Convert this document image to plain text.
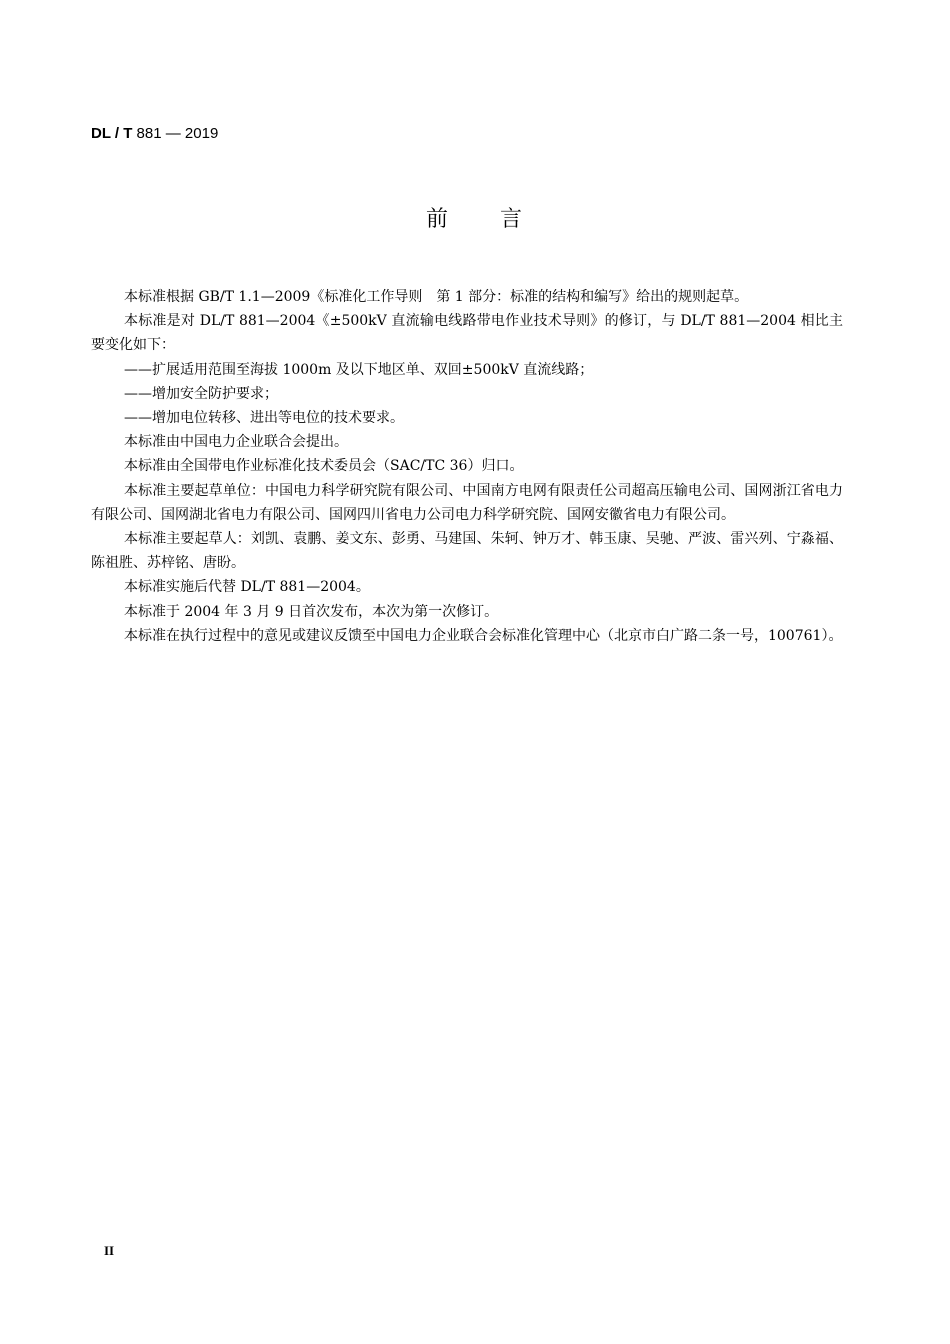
DL / T 881 — 2019
前 言

本标准根据 GB/T 1.1—2009《标准化工作导则　第 1 部分：标准的结构和编写》给出的规则起草。

本标准是对 DL/T 881—2004《±500kV 直流输电线路带电作业技术导则》的修订，与 DL/T 881—2004 相比主要变化如下：

——扩展适用范围至海拔 1000m 及以下地区单、双回±500kV 直流线路；

——增加安全防护要求；

——增加电位转移、进出等电位的技术要求。

本标准由中国电力企业联合会提出。

本标准由全国带电作业标准化技术委员会（SAC/TC 36）归口。

本标准主要起草单位：中国电力科学研究院有限公司、中国南方电网有限责任公司超高压输电公司、国网浙江省电力有限公司、国网湖北省电力有限公司、国网四川省电力公司电力科学研究院、国网安徽省电力有限公司。

本标准主要起草人：刘凯、袁鹏、姜文东、彭勇、马建国、朱轲、钟万才、韩玉康、吴驰、严波、雷兴列、宁淼福、陈祖胜、苏梓铭、唐盼。

本标准实施后代替 DL/T 881—2004。

本标准于 2004 年 3 月 9 日首次发布，本次为第一次修订。

本标准在执行过程中的意见或建议反馈至中国电力企业联合会标准化管理中心（北京市白广路二条一号，100761）。

II
